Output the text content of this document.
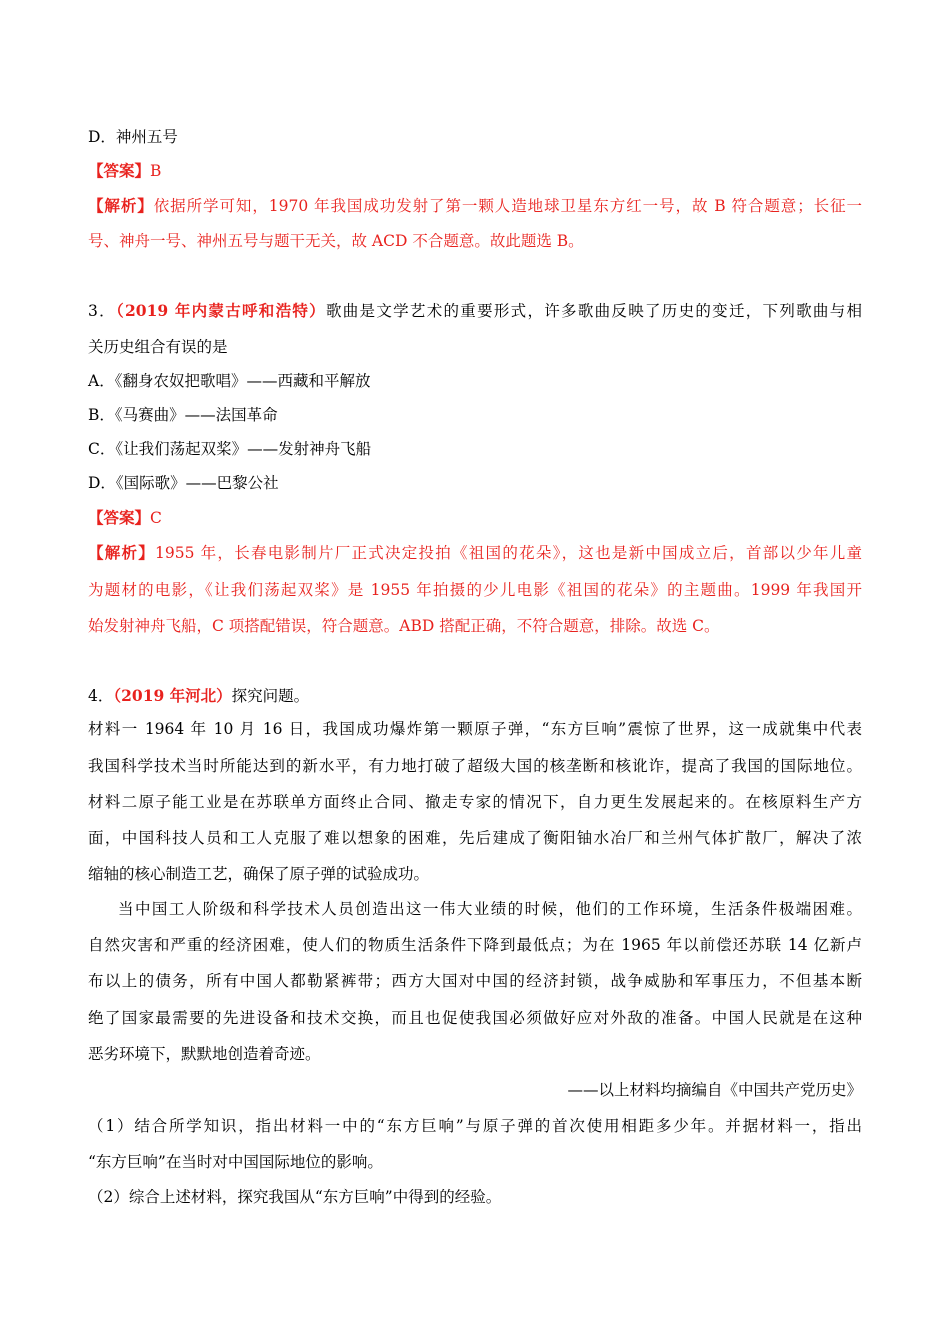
D．神州五号
【答案】B
【解析】依据所学可知，1970 年我国成功发射了第一颗人造地球卫星东方红一号，故 B 符合题意；长征一
号、神舟一号、神州五号与题干无关，故 ACD 不合题意。故此题选 B。
3．（2019 年内蒙古呼和浩特）歌曲是文学艺术的重要形式，许多歌曲反映了历史的变迁，下列歌曲与相
关历史组合有误的是
A．《翻身农奴把歌唱》——西藏和平解放
B．《马赛曲》——法国革命
C．《让我们荡起双桨》——发射神舟飞船
D．《国际歌》——巴黎公社
【答案】C
【解析】1955 年，长春电影制片厂正式决定投拍《祖国的花朵》，这也是新中国成立后，首部以少年儿童
为题材的电影，《让我们荡起双桨》是 1955 年拍摄的少儿电影《祖国的花朵》的主题曲。1999 年我国开
始发射神舟飞船，C 项搭配错误，符合题意。ABD 搭配正确，不符合题意，排除。故选 C。
4．（2019 年河北）探究问题。
材料一 1964 年 10 月 16 日，我国成功爆炸第一颗原子弹，“东方巨响”震惊了世界，这一成就集中代表
我国科学技术当时所能达到的新水平，有力地打破了超级大国的核垄断和核讹诈，提高了我国的国际地位。
材料二原子能工业是在苏联单方面终止合同、撤走专家的情况下，自力更生发展起来的。在核原料生产方
面，中国科技人员和工人克服了难以想象的困难，先后建成了衡阳铀水冶厂和兰州气体扩散厂，解决了浓
缩轴的核心制造工艺，确保了原子弹的试验成功。
当中国工人阶级和科学技术人员创造出这一伟大业绩的时候，他们的工作环境，生活条件极端困难。
自然灾害和严重的经济困难，使人们的物质生活条件下降到最低点；为在 1965 年以前偿还苏联 14 亿新卢
布以上的债务，所有中国人都勒紧裤带；西方大国对中国的经济封锁，战争威胁和军事压力，不但基本断
绝了国家最需要的先进设备和技术交换，而且也促使我国必须做好应对外敌的准备。中国人民就是在这种
恶劣环境下，默默地创造着奇迹。
——以上材料均摘编自《中国共产党历史》
（1）结合所学知识，指出材料一中的“东方巨响”与原子弹的首次使用相距多少年。并据材料一，指出
“东方巨响”在当时对中国国际地位的影响。
（2）综合上述材料，探究我国从“东方巨响”中得到的经验。
